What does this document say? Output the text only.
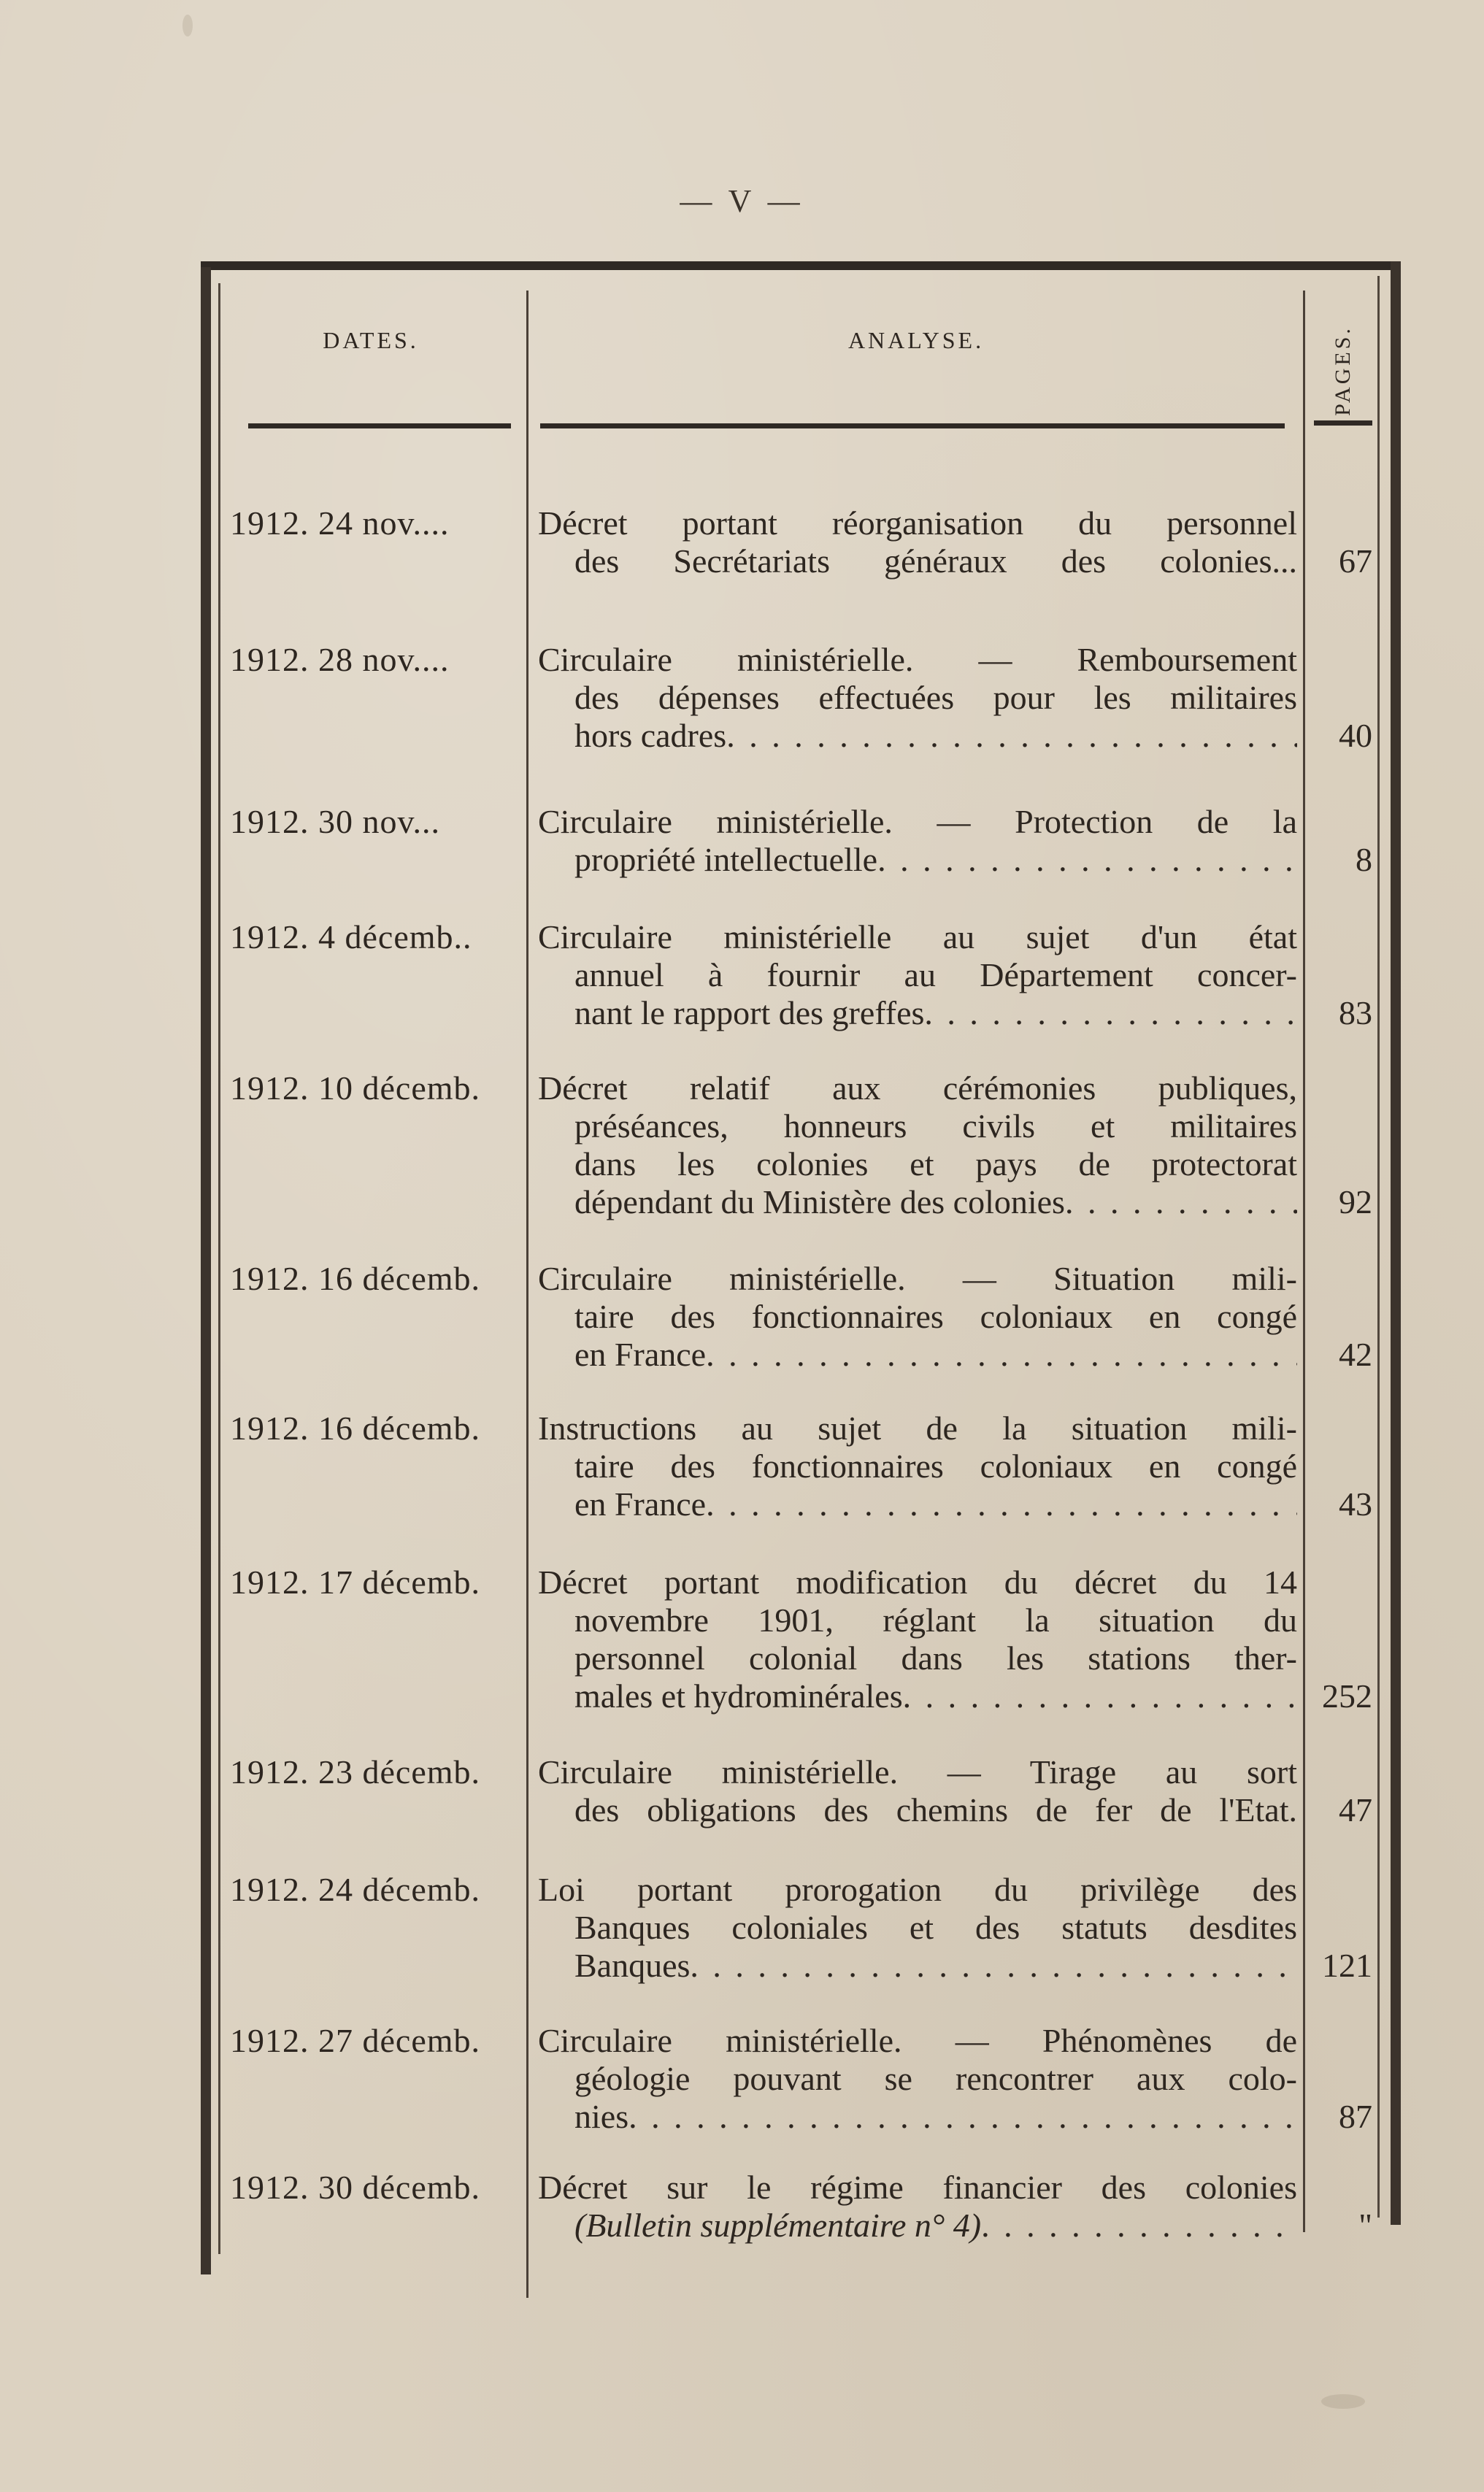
— V —
DATES.	ANALYSE.	PAGES.
1912. 24 nov....	Décret portant réorganisation du personnel
des Secrétariats généraux des colonies...	67
1912. 28 nov....	Circulaire ministérielle. — Remboursement
des dépenses effectuées pour les militaires
hors cadres . . .	40
1912. 30 nov...	Circulaire ministérielle. — Protection de la
propriété intellectuelle . . .	8
1912. 4 décemb..	Circulaire ministérielle au sujet d'un état
annuel à fournir au Département concer-
nant le rapport des greffes . . .	83
1912. 10 décemb.	Décret relatif aux cérémonies publiques,
préséances, honneurs civils et militaires
dans les colonies et pays de protectorat
dépendant du Ministère des colonies . . .	92
1912. 16 décemb.	Circulaire ministérielle. — Situation mili-
taire des fonctionnaires coloniaux en congé
en France . . .	42
1912. 16 décemb.	Instructions au sujet de la situation mili-
taire des fonctionnaires coloniaux en congé
en France . . .	43
1912. 17 décemb.	Décret portant modification du décret du 14
novembre 1901, réglant la situation du
personnel colonial dans les stations ther-
males et hydrominérales . . .	252
1912. 23 décemb.	Circulaire ministérielle. — Tirage au sort
des obligations des chemins de fer de l'Etat.	47
1912. 24 décemb.	Loi portant prorogation du privilège des
Banques coloniales et des statuts desdites
Banques . . .	121
1912. 27 décemb.	Circulaire ministérielle. — Phénomènes de
géologie pouvant se rencontrer aux colo-
nies . . .	87
1912. 30 décemb.	Décret sur le régime financier des colonies
(Bulletin supplémentaire n° 4) . . .	"
